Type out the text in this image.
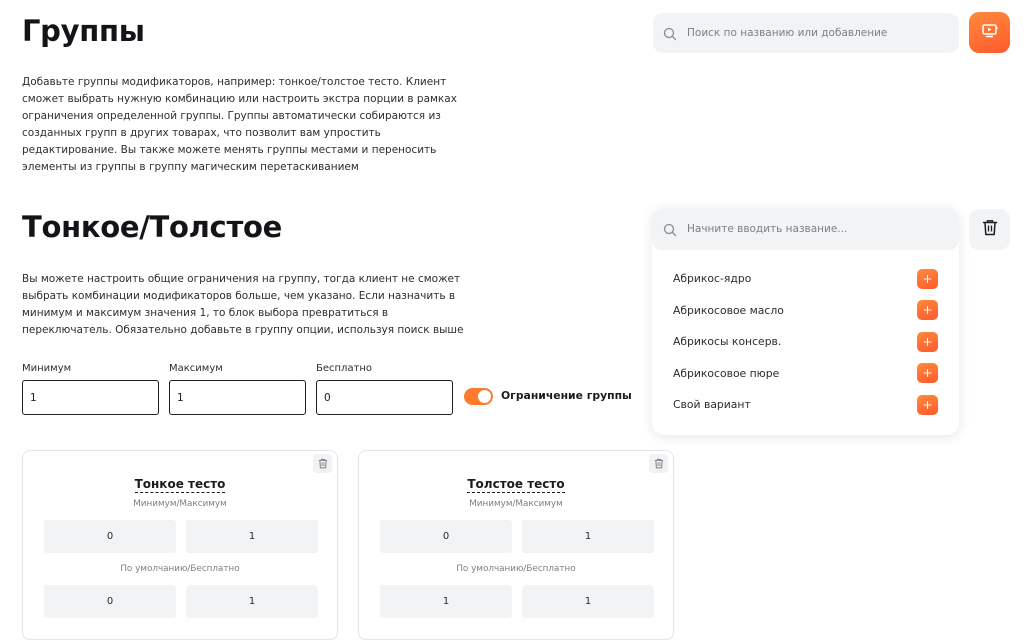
Группы
Добавьте группы модификаторов, например: тонкое/толстое тесто. Клиент сможет выбрать нужную комбинацию или настроить экстра порции в рамках ограничения определенной группы. Группы автоматически собираются из созданных групп в других товарах, что позволит вам упростить редактирование. Вы также можете менять группы местами и переносить элементы из группы в группу магическим перетаскиванием
Поиск по названию или добавление
Тонкое/Толстое
Вы можете настроить общие ограничения на группу, тогда клиент не сможет выбрать комбинации модификаторов больше, чем указано. Если назначить в минимум и максимум значения 1, то блок выбора превратиться в переключатель. Обязательно добавьте в группу опции, используя поиск выше
Минимум
1	Максимум
1	Бесплатно
0
Ограничение группы
Начните вводить название...
Абрикос-ядро	+
Абрикосовое масло	+
Абрикосы консерв.	+
Абрикосовое пюре	+
Свой вариант	+
Тонкое тесто
Минимум/Максимум
0	1
По умолчанию/Бесплатно
0	1
Толстое тесто
Минимум/Максимум
0	1
По умолчанию/Бесплатно
1	1
